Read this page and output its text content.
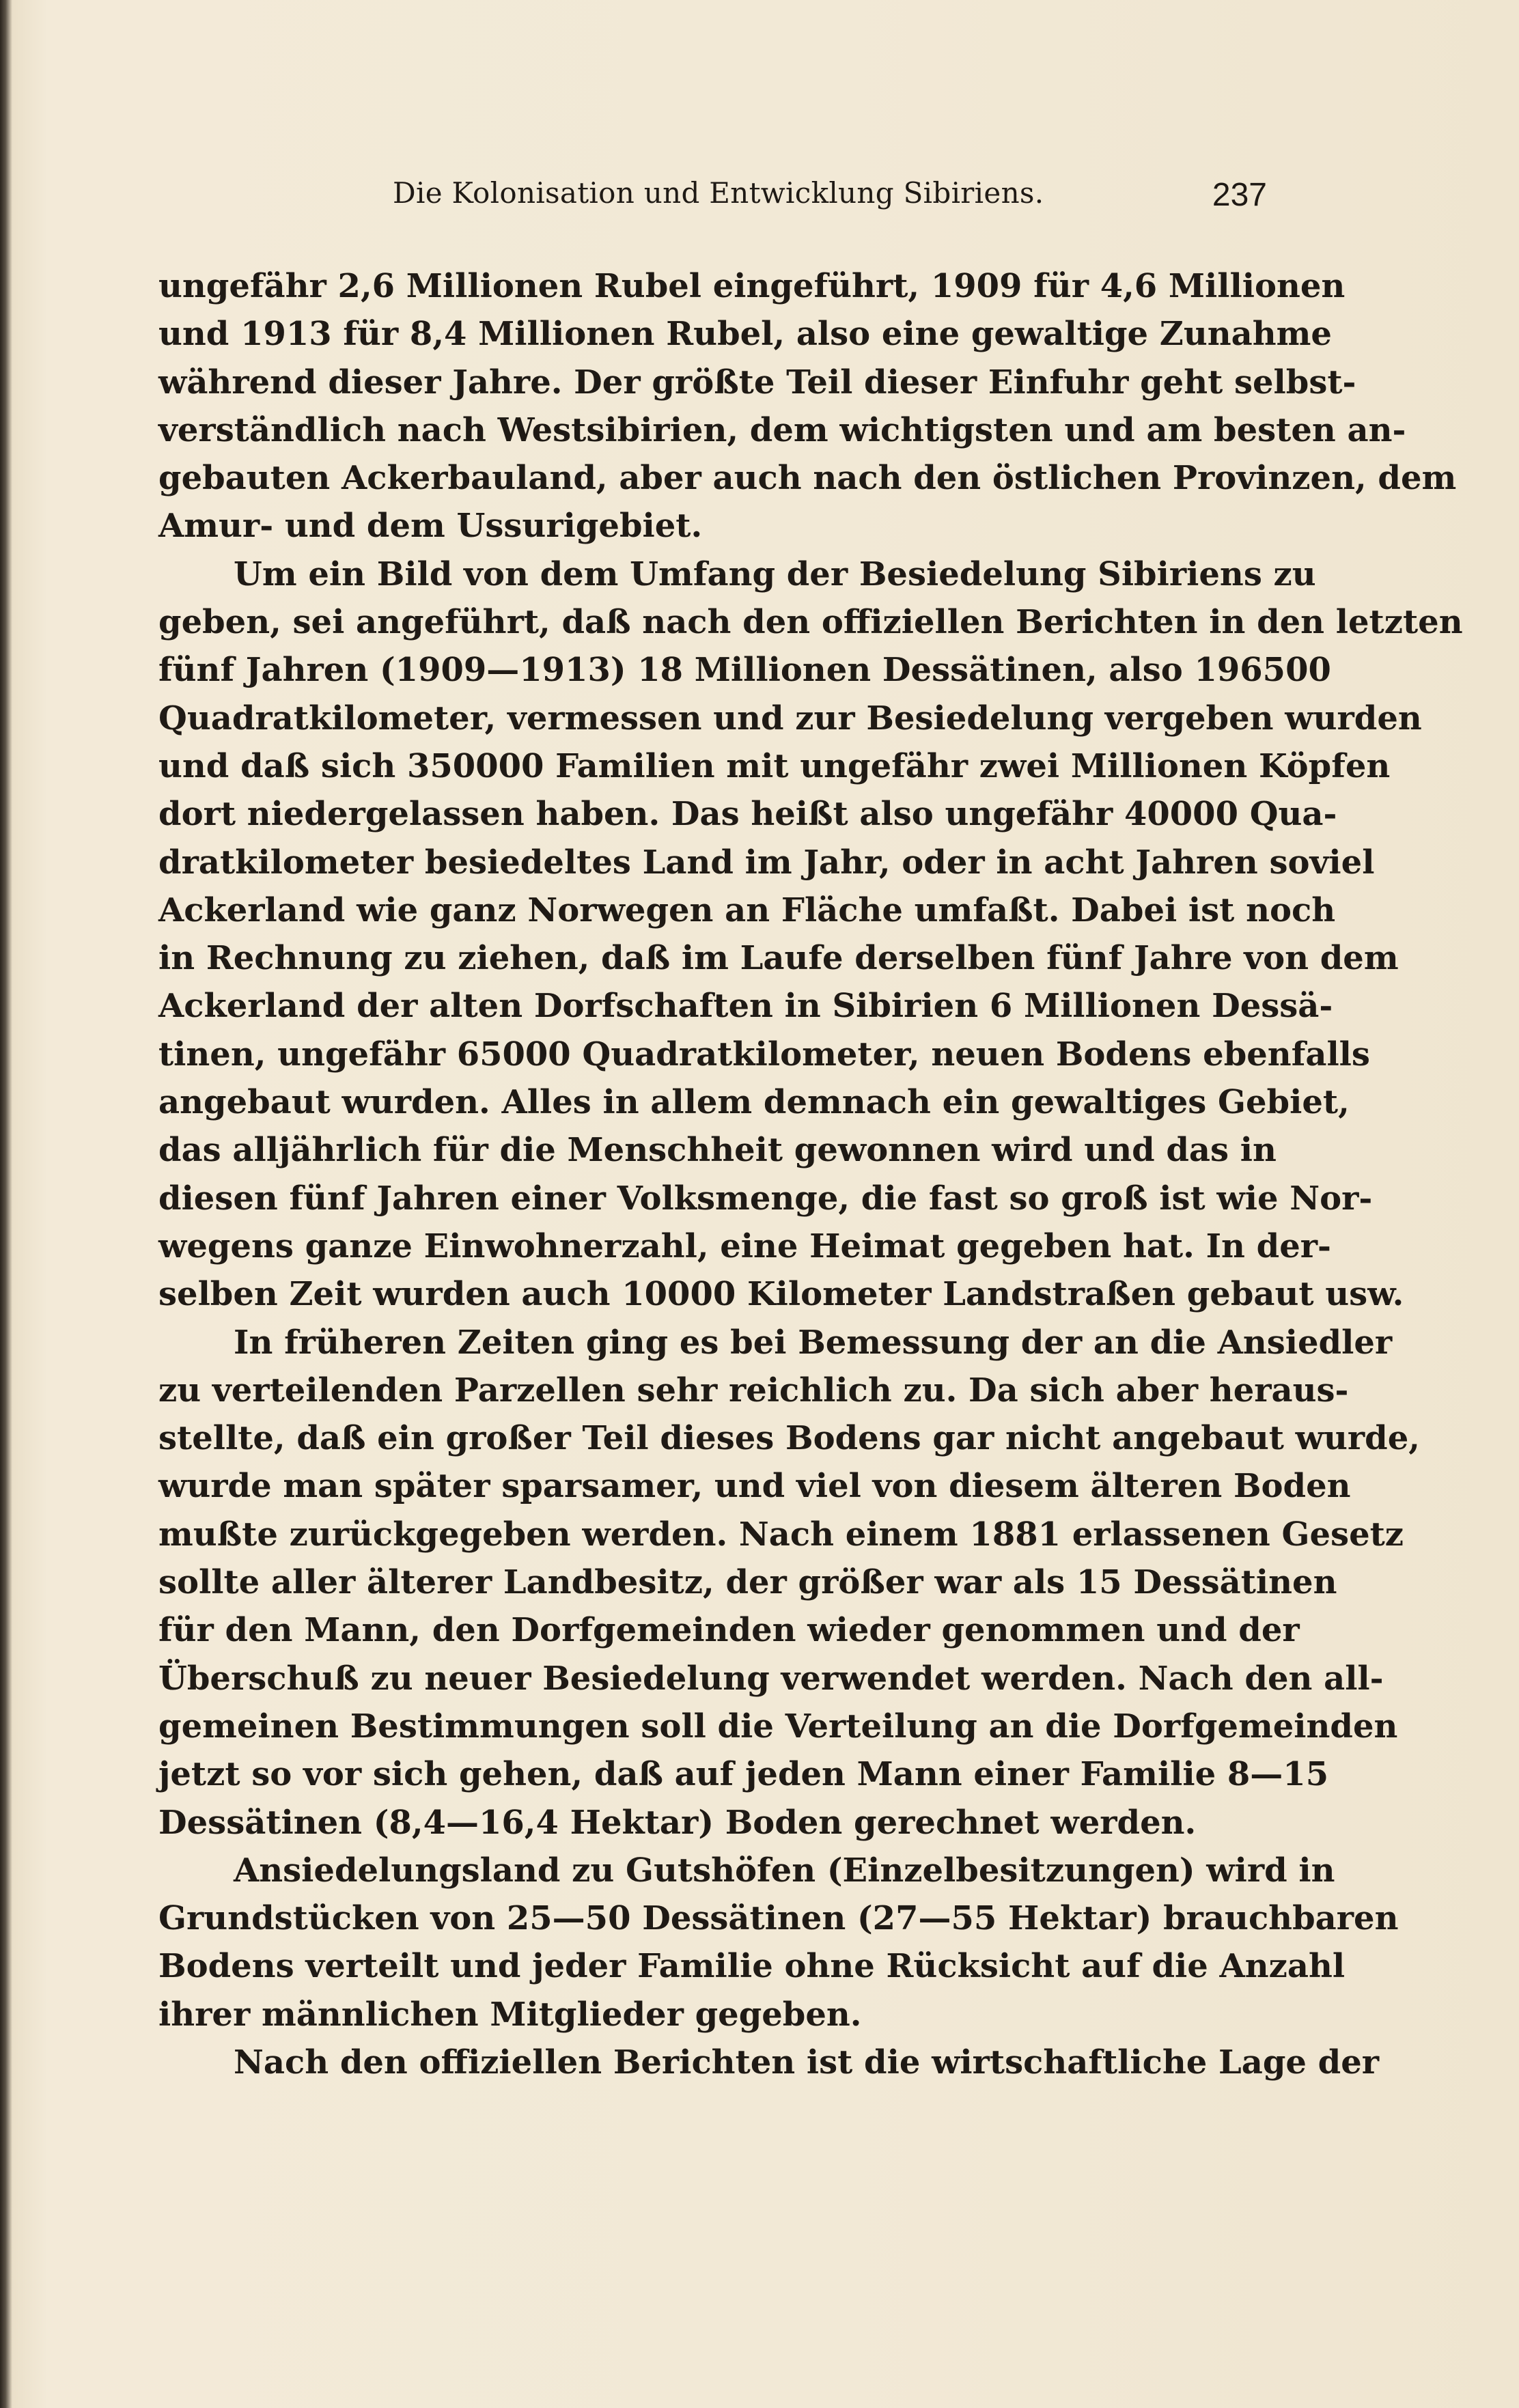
Die Kolonisation und Entwicklung Sibiriens.	237
ungefähr 2,6 Millionen Rubel eingeführt, 1909 für 4,6 Millionen
und 1913 für 8,4 Millionen Rubel, also eine gewaltige Zunahme
während dieser Jahre. Der größte Teil dieser Einfuhr geht selbst-
verständlich nach Westsibirien, dem wichtigsten und am besten an-
gebauten Ackerbauland, aber auch nach den östlichen Provinzen, dem
Amur- und dem Ussurigebiet.
Um ein Bild von dem Umfang der Besiedelung Sibiriens zu
geben, sei angeführt, daß nach den offiziellen Berichten in den letzten
fünf Jahren (1909—1913) 18 Millionen Dessätinen, also 196500
Quadratkilometer, vermessen und zur Besiedelung vergeben wurden
und daß sich 350000 Familien mit ungefähr zwei Millionen Köpfen
dort niedergelassen haben. Das heißt also ungefähr 40000 Qua-
dratkilometer besiedeltes Land im Jahr, oder in acht Jahren soviel
Ackerland wie ganz Norwegen an Fläche umfaßt. Dabei ist noch
in Rechnung zu ziehen, daß im Laufe derselben fünf Jahre von dem
Ackerland der alten Dorfschaften in Sibirien 6 Millionen Dessä-
tinen, ungefähr 65000 Quadratkilometer, neuen Bodens ebenfalls
angebaut wurden. Alles in allem demnach ein gewaltiges Gebiet,
das alljährlich für die Menschheit gewonnen wird und das in
diesen fünf Jahren einer Volksmenge, die fast so groß ist wie Nor-
wegens ganze Einwohnerzahl, eine Heimat gegeben hat. In der-
selben Zeit wurden auch 10000 Kilometer Landstraßen gebaut usw.
In früheren Zeiten ging es bei Bemessung der an die Ansiedler
zu verteilenden Parzellen sehr reichlich zu. Da sich aber heraus-
stellte, daß ein großer Teil dieses Bodens gar nicht angebaut wurde,
wurde man später sparsamer, und viel von diesem älteren Boden
mußte zurückgegeben werden. Nach einem 1881 erlassenen Gesetz
sollte aller älterer Landbesitz, der größer war als 15 Dessätinen
für den Mann, den Dorfgemeinden wieder genommen und der
Überschuß zu neuer Besiedelung verwendet werden. Nach den all-
gemeinen Bestimmungen soll die Verteilung an die Dorfgemeinden
jetzt so vor sich gehen, daß auf jeden Mann einer Familie 8—15
Dessätinen (8,4—16,4 Hektar) Boden gerechnet werden.
Ansiedelungsland zu Gutshöfen (Einzelbesitzungen) wird in
Grundstücken von 25—50 Dessätinen (27—55 Hektar) brauchbaren
Bodens verteilt und jeder Familie ohne Rücksicht auf die Anzahl
ihrer männlichen Mitglieder gegeben.
Nach den offiziellen Berichten ist die wirtschaftliche Lage der
